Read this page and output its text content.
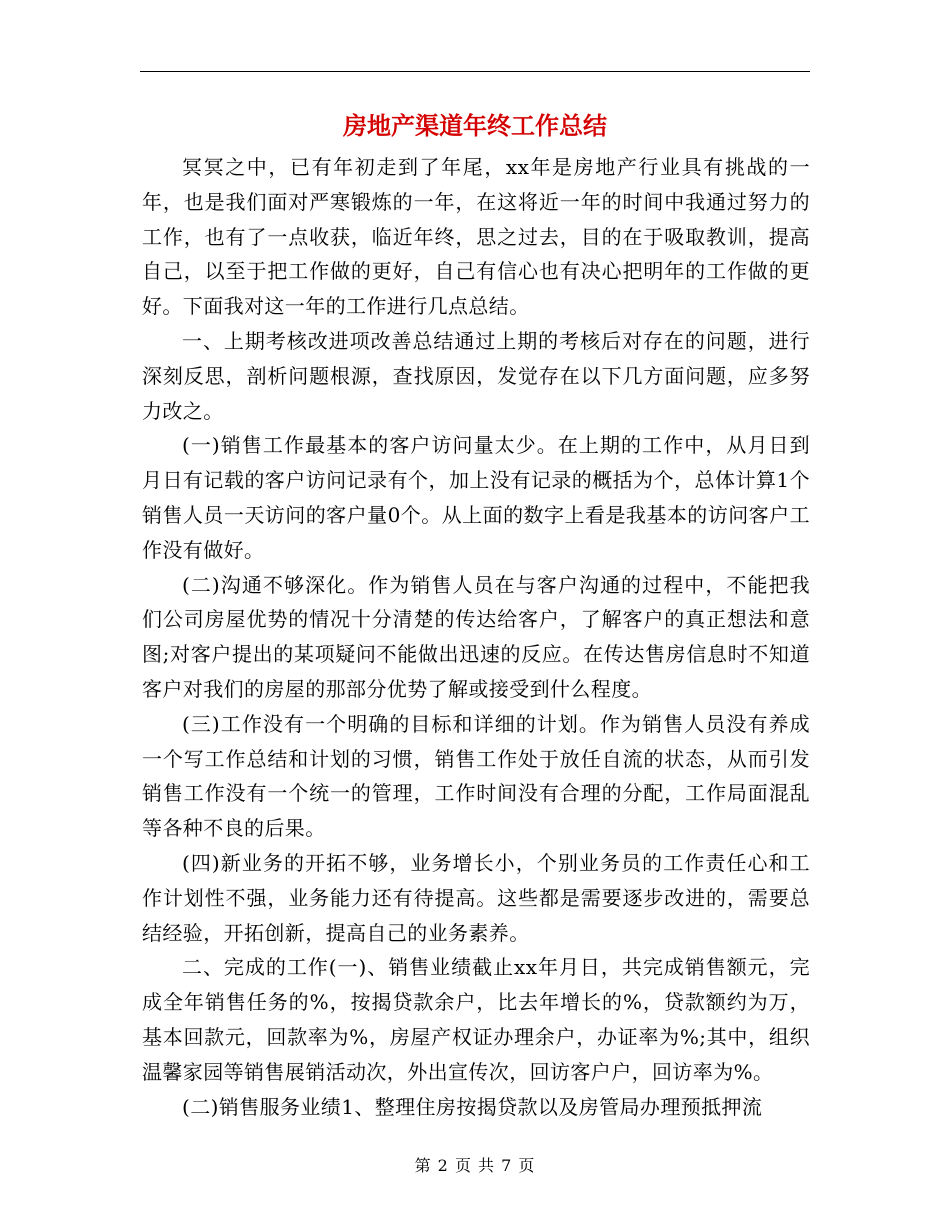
房地产渠道年终工作总结

冥冥之中，已有年初走到了年尾，xx年是房地产行业具有挑战的一年，也是我们面对严寒锻炼的一年，在这将近一年的时间中我通过努力的工作，也有了一点收获，临近年终，思之过去，目的在于吸取教训，提高自己，以至于把工作做的更好，自己有信心也有决心把明年的工作做的更好。下面我对这一年的工作进行几点总结。

一、上期考核改进项改善总结通过上期的考核后对存在的问题，进行深刻反思，剖析问题根源，查找原因，发觉存在以下几方面问题，应多努力改之。

(一)销售工作最基本的客户访问量太少。在上期的工作中，从月日到月日有记载的客户访问记录有个，加上没有记录的概括为个，总体计算1个销售人员一天访问的客户量0个。从上面的数字上看是我基本的访问客户工作没有做好。

(二)沟通不够深化。作为销售人员在与客户沟通的过程中，不能把我们公司房屋优势的情况十分清楚的传达给客户，了解客户的真正想法和意图;对客户提出的某项疑问不能做出迅速的反应。在传达售房信息时不知道客户对我们的房屋的那部分优势了解或接受到什么程度。

(三)工作没有一个明确的目标和详细的计划。作为销售人员没有养成一个写工作总结和计划的习惯，销售工作处于放任自流的状态，从而引发销售工作没有一个统一的管理，工作时间没有合理的分配，工作局面混乱等各种不良的后果。

(四)新业务的开拓不够，业务增长小，个别业务员的工作责任心和工作计划性不强，业务能力还有待提高。这些都是需要逐步改进的，需要总结经验，开拓创新，提高自己的业务素养。

二、完成的工作(一)、销售业绩截止xx年月日，共完成销售额元，完成全年销售任务的%，按揭贷款余户，比去年增长的%，贷款额约为万，基本回款元，回款率为%，房屋产权证办理余户，办证率为%;其中，组织温馨家园等销售展销活动次，外出宣传次，回访客户户，回访率为%。

(二)销售服务业绩1、整理住房按揭贷款以及房管局办理预抵押流

第 2 页 共 7 页
